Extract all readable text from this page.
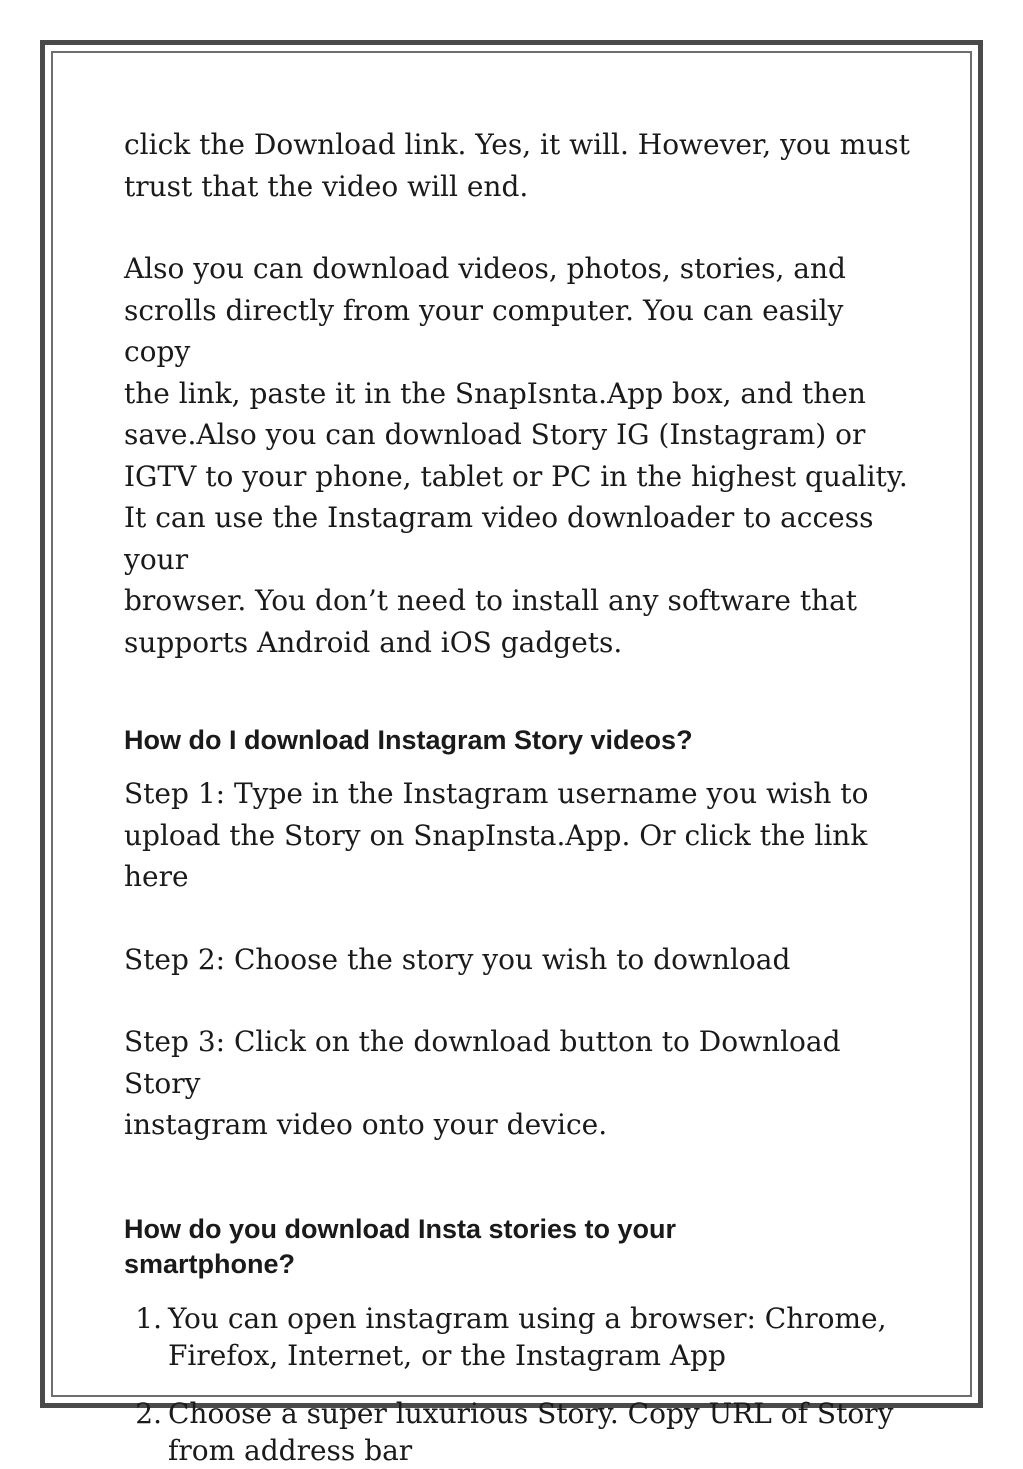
click the Download link. Yes, it will. However, you must
trust that the video will end.

Also you can download videos, photos, stories, and
scrolls directly from your computer. You can easily copy
the link, paste it in the SnapIsnta.App box, and then
save.Also you can download Story IG (Instagram) or
IGTV to your phone, tablet or PC in the highest quality.
It can use the Instagram video downloader to access your
browser. You don’t need to install any software that
supports Android and iOS gadgets.

How do I download Instagram Story videos?

Step 1: Type in the Instagram username you wish to
upload the Story on SnapInsta.App. Or click the link here

Step 2: Choose the story you wish to download

Step 3: Click on the download button to Download Story
instagram video onto your device.

How do you download Insta stories to your
smartphone?
1. You can open instagram using a browser: Chrome,
Firefox, Internet, or the Instagram App
2. Choose a super luxurious Story. Copy URL of Story
from address bar
